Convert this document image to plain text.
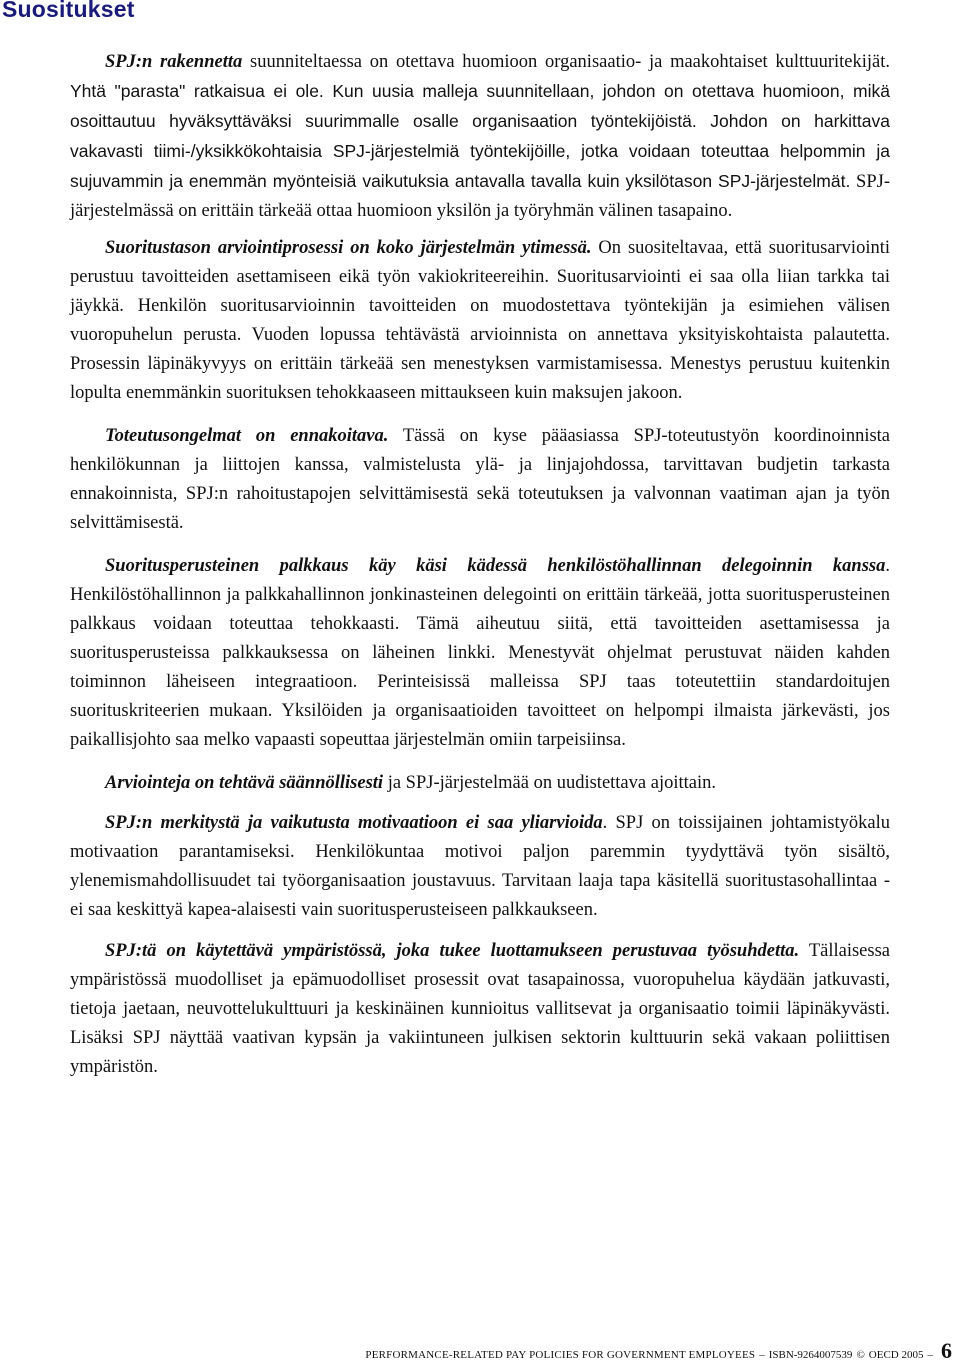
Suositukset

SPJ:n rakennetta suunniteltaessa on otettava huomioon organisaatio- ja maakohtaiset kulttuuritekijät. Yhtä "parasta" ratkaisua ei ole. Kun uusia malleja suunnitellaan, johdon on otettava huomioon, mikä osoittautuu hyväksyttäväksi suurimmalle osalle organisaation työntekijöistä. Johdon on harkittava vakavasti tiimi-/yksikkökohtaisia SPJ-järjestelmiä työntekijöille, jotka voidaan toteuttaa helpommin ja sujuvammin ja enemmän myönteisiä vaikutuksia antavalla tavalla kuin yksilötason SPJ-järjestelmät. SPJ-järjestelmässä on erittäin tärkeää ottaa huomioon yksilön ja työryhmän välinen tasapaino.

Suoritustason arviointiprosessi on koko järjestelmän ytimessä. On suositeltavaa, että suoritusarviointi perustuu tavoitteiden asettamiseen eikä työn vakiokriteereihin. Suoritusarviointi ei saa olla liian tarkka tai jäykkä. Henkilön suoritusarvioinnin tavoitteiden on muodostettava työntekijän ja esimiehen välisen vuoropuhelun perusta. Vuoden lopussa tehtävästä arvioinnista on annettava yksityiskohtaista palautetta. Prosessin läpinäkyvyys on erittäin tärkeää sen menestyksen varmistamisessa. Menestys perustuu kuitenkin lopulta enemmänkin suorituksen tehokkaaseen mittaukseen kuin maksujen jakoon.

Toteutusongelmat on ennakoitava. Tässä on kyse pääasiassa SPJ-toteutustyön koordinoinnista henkilökunnan ja liittojen kanssa, valmistelusta ylä- ja linjajohdossa, tarvittavan budjetin tarkasta ennakoinnista, SPJ:n rahoitustapojen selvittämisestä sekä toteutuksen ja valvonnan vaatiman ajan ja työn selvittämisestä.

Suoritusperusteinen palkkaus käy käsi kädessä henkilöstöhallinnan delegoinnin kanssa. Henkilöstöhallinnon ja palkkahallinnon jonkinasteinen delegointi on erittäin tärkeää, jotta suoritusperusteinen palkkaus voidaan toteuttaa tehokkaasti. Tämä aiheutuu siitä, että tavoitteiden asettamisessa ja suoritusperusteissa palkkauksessa on läheinen linkki. Menestyvät ohjelmat perustuvat näiden kahden toiminnon läheiseen integraatioon. Perinteisissä malleissa SPJ taas toteutettiin standardoitujen suorituskriteerien mukaan. Yksilöiden ja organisaatioiden tavoitteet on helpompi ilmaista järkevästi, jos paikallisjohto saa melko vapaasti sopeuttaa järjestelmän omiin tarpeisiinsa.

Arviointeja on tehtävä säännöllisesti ja SPJ-järjestelmää on uudistettava ajoittain.

SPJ:n merkitystä ja vaikutusta motivaatioon ei saa yliarvioida. SPJ on toissijainen johtamistyökalu motivaation parantamiseksi. Henkilökuntaa motivoi paljon paremmin tyydyttävä työn sisältö, ylenemismahdollisuudet tai työorganisaation joustavuus. Tarvitaan laaja tapa käsitellä suoritustasohallintaa - ei saa keskittyä kapea-alaisesti vain suoritusperusteiseen palkkaukseen.

SPJ:tä on käytettävä ympäristössä, joka tukee luottamukseen perustuvaa työsuhdetta. Tällaisessa ympäristössä muodolliset ja epämuodolliset prosessit ovat tasapainossa, vuoropuhelua käydään jatkuvasti, tietoja jaetaan, neuvottelukulttuuri ja keskinäinen kunnioitus vallitsevat ja organisaatio toimii läpinäkyvästi. Lisäksi SPJ näyttää vaativan kypsän ja vakiintuneen julkisen sektorin kulttuurin sekä vakaan poliittisen ympäristön.

PERFORMANCE-RELATED PAY POLICIES FOR GOVERNMENT EMPLOYEES – ISBN-9264007539 © OECD 2005 – 6
